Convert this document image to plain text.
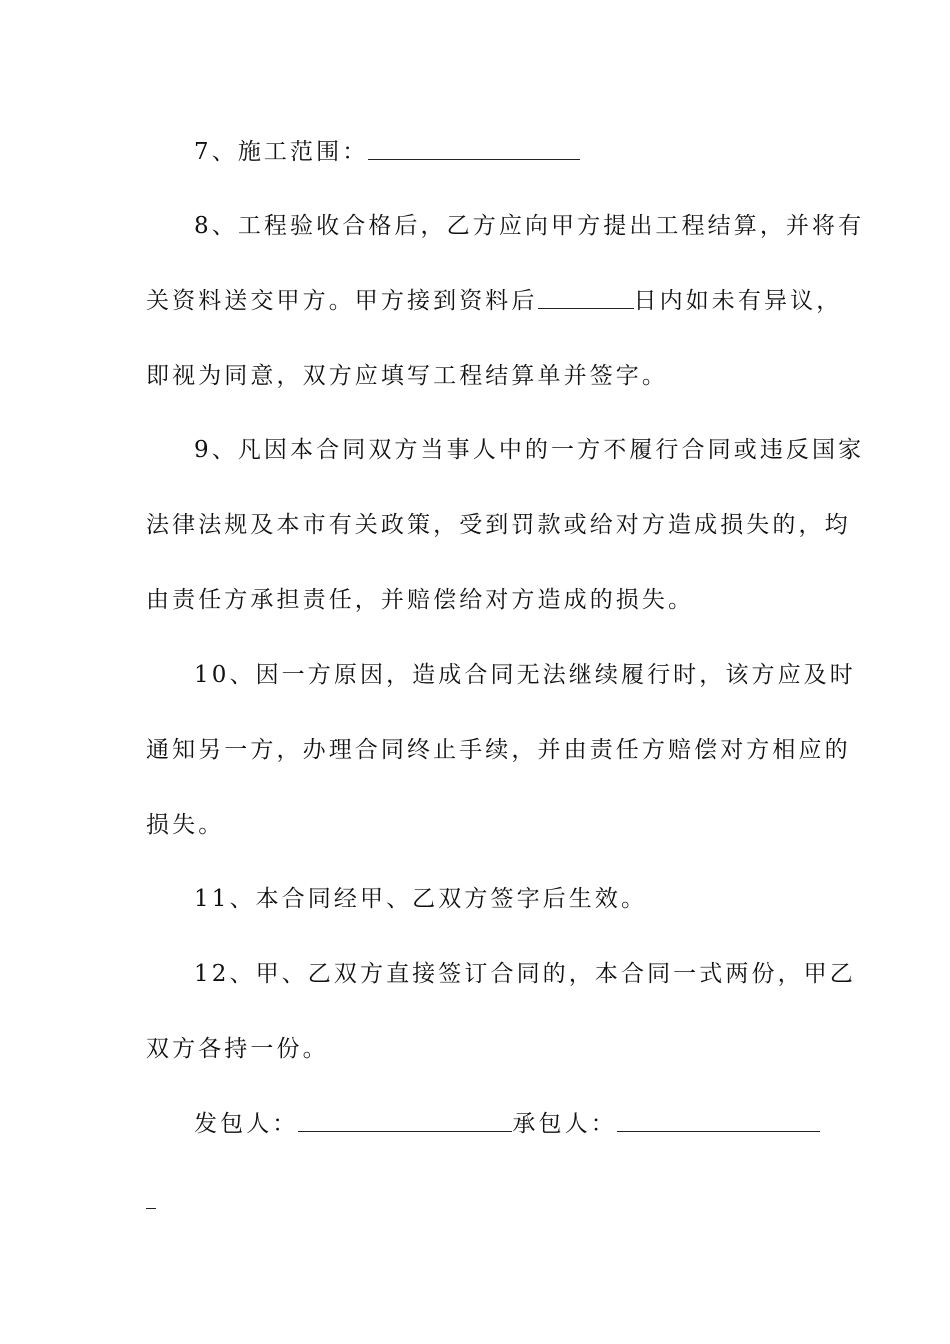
7、施工范围：
8、工程验收合格后，乙方应向甲方提出工程结算，并将有
关资料送交甲方。甲方接到资料后	日内如未有异议，
即视为同意，双方应填写工程结算单并签字。
9、凡因本合同双方当事人中的一方不履行合同或违反国家
法律法规及本市有关政策，受到罚款或给对方造成损失的，均
由责任方承担责任，并赔偿给对方造成的损失。
10、因一方原因，造成合同无法继续履行时，该方应及时
通知另一方，办理合同终止手续，并由责任方赔偿对方相应的
损失。
11、本合同经甲、乙双方签字后生效。
12、甲、乙双方直接签订合同的，本合同一式两份，甲乙
双方各持一份。
发包人：	承包人：
